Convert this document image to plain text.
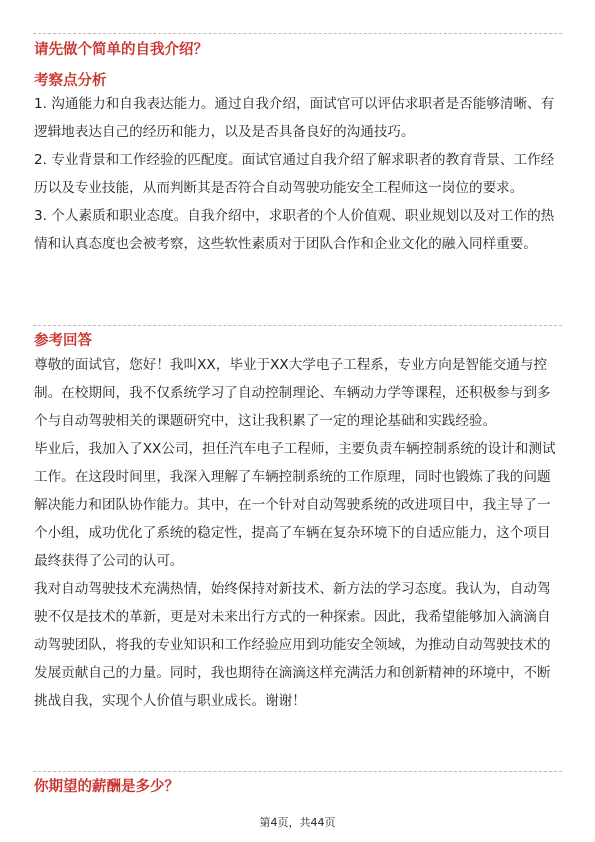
请先做个简单的自我介绍？
考察点分析

1. 沟通能力和自我表达能力。通过自我介绍，面试官可以评估求职者是否能够清晰、有逻辑地表达自己的经历和能力，以及是否具备良好的沟通技巧。

2. 专业背景和工作经验的匹配度。面试官通过自我介绍了解求职者的教育背景、工作经历以及专业技能，从而判断其是否符合自动驾驶功能安全工程师这一岗位的要求。

3. 个人素质和职业态度。自我介绍中，求职者的个人价值观、职业规划以及对工作的热情和认真态度也会被考察，这些软性素质对于团队合作和企业文化的融入同样重要。

参考回答

尊敬的面试官，您好！我叫XX，毕业于XX大学电子工程系，专业方向是智能交通与控制。在校期间，我不仅系统学习了自动控制理论、车辆动力学等课程，还积极参与到多个与自动驾驶相关的课题研究中，这让我积累了一定的理论基础和实践经验。

毕业后，我加入了XX公司，担任汽车电子工程师，主要负责车辆控制系统的设计和测试工作。在这段时间里，我深入理解了车辆控制系统的工作原理，同时也锻炼了我的问题解决能力和团队协作能力。其中，在一个针对自动驾驶系统的改进项目中，我主导了一个小组，成功优化了系统的稳定性，提高了车辆在复杂环境下的自适应能力，这个项目最终获得了公司的认可。

我对自动驾驶技术充满热情，始终保持对新技术、新方法的学习态度。我认为，自动驾驶不仅是技术的革新，更是对未来出行方式的一种探索。因此，我希望能够加入滴滴自动驾驶团队，将我的专业知识和工作经验应用到功能安全领域，为推动自动驾驶技术的发展贡献自己的力量。同时，我也期待在滴滴这样充满活力和创新精神的环境中，不断挑战自我，实现个人价值与职业成长。谢谢！

你期望的薪酬是多少？
第4页，共44页
